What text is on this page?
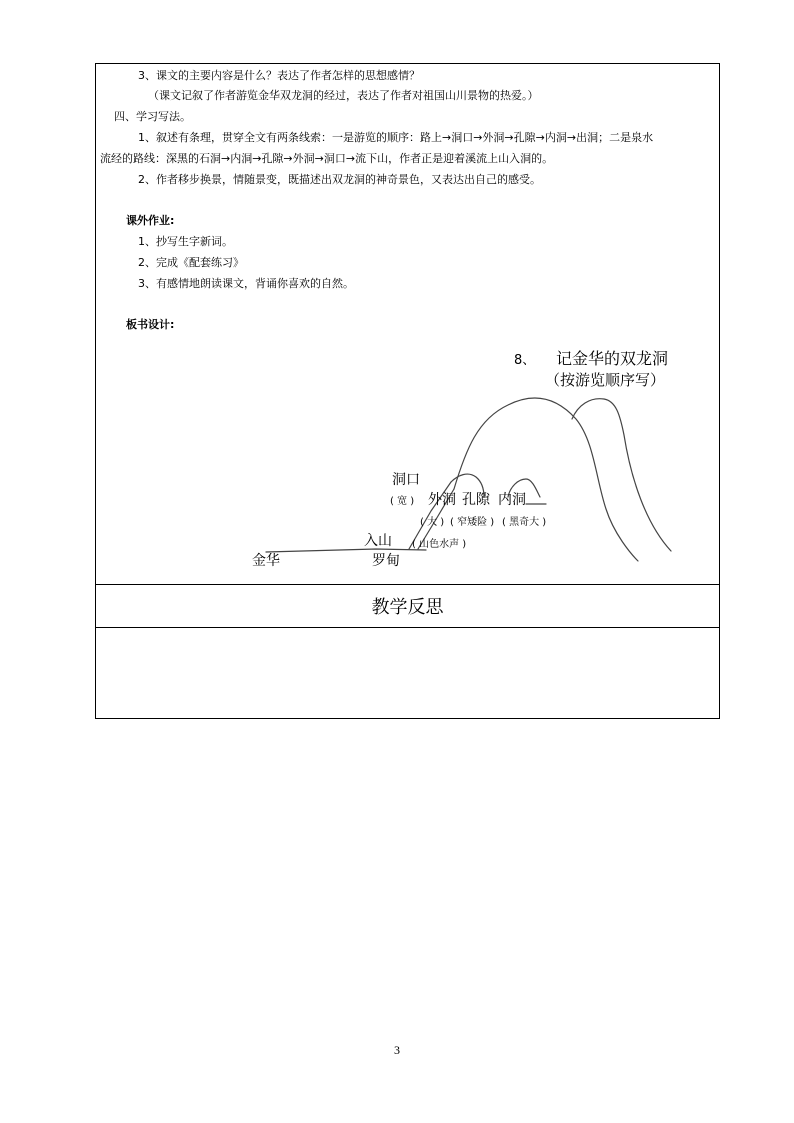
3、课文的主要内容是什么？表达了作者怎样的思想感情？
（课文记叙了作者游览金华双龙洞的经过，表达了作者对祖国山川景物的热爱。）
四、学习写法。
1、叙述有条理，贯穿全文有两条线索：一是游览的顺序：路上→洞口→外洞→孔隙→内洞→出洞；二是泉水
流经的路线：深黑的石洞→内洞→孔隙→外洞→洞口→流下山，作者正是迎着溪流上山入洞的。
2、作者移步换景，情随景变，既描述出双龙洞的神奇景色，又表达出自己的感受。
课外作业:
1、抄写生字新词。
2、完成《配套练习》
3、有感情地朗读课文，背诵你喜欢的自然。
板书设计:
8、 记金华的双龙洞
（按游览顺序写）
洞口
( 宽 ) 外洞 孔隙 内洞
( 大 ) ( 窄矮险 ) ( 黑奇大 )
入山 ( 山色水声 )
金华	罗甸
教学反思
3
